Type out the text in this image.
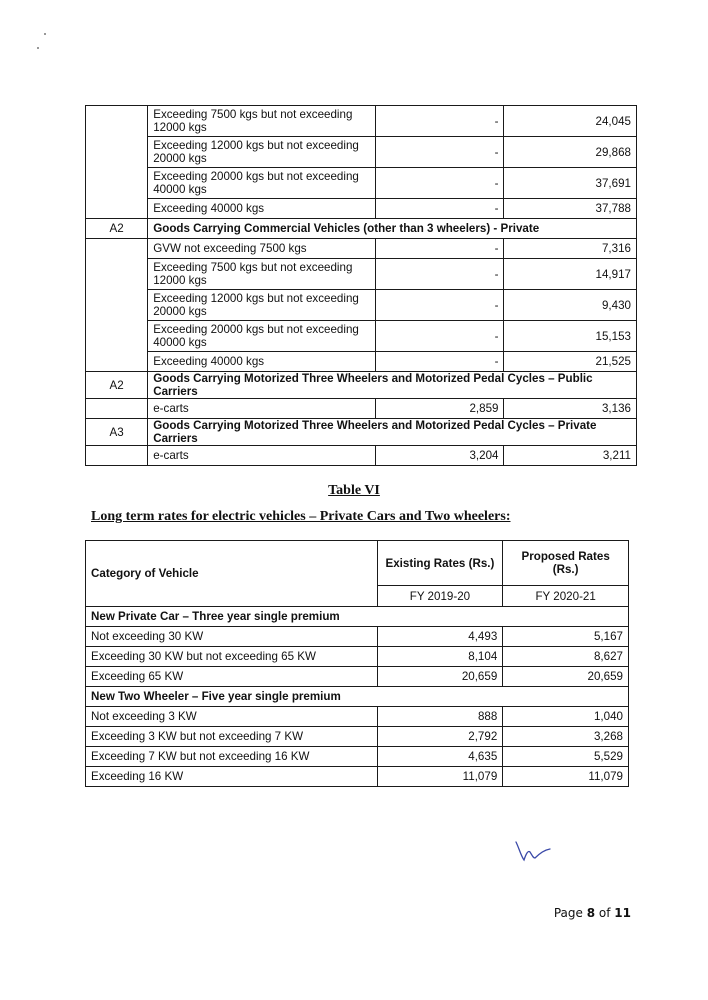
	Exceeding 7500 kgs but not exceeding 12000 kgs	-	24,045
	Exceeding 12000 kgs but not exceeding 20000 kgs	-	29,868
	Exceeding 20000 kgs but not exceeding 40000 kgs	-	37,691
	Exceeding 40000 kgs	-	37,788
A2	Goods Carrying Commercial Vehicles (other than 3 wheelers) - Private		
	GVW not exceeding 7500 kgs	-	7,316
	Exceeding 7500 kgs but not exceeding 12000 kgs	-	14,917
	Exceeding 12000 kgs but not exceeding 20000 kgs	-	9,430
	Exceeding 20000 kgs but not exceeding 40000 kgs	-	15,153
	Exceeding 40000 kgs	-	21,525
A2	Goods Carrying Motorized Three Wheelers and Motorized Pedal Cycles – Public Carriers		
	e-carts	2,859	3,136
A3	Goods Carrying Motorized Three Wheelers and Motorized Pedal Cycles – Private Carriers		
	e-carts	3,204	3,211
Table VI
Long term rates for electric vehicles – Private Cars and Two wheelers:
Category of Vehicle	Existing Rates (Rs.)	Proposed Rates (Rs.)
	FY 2019-20	FY 2020-21
New Private Car – Three year single premium		
Not exceeding 30 KW	4,493	5,167
Exceeding 30 KW but not exceeding 65 KW	8,104	8,627
Exceeding 65 KW	20,659	20,659
New Two Wheeler – Five year single premium		
Not exceeding 3 KW	888	1,040
Exceeding 3 KW but not exceeding 7 KW	2,792	3,268
Exceeding 7 KW but not exceeding 16 KW	4,635	5,529
Exceeding 16 KW	11,079	11,079
Page 8 of 11
